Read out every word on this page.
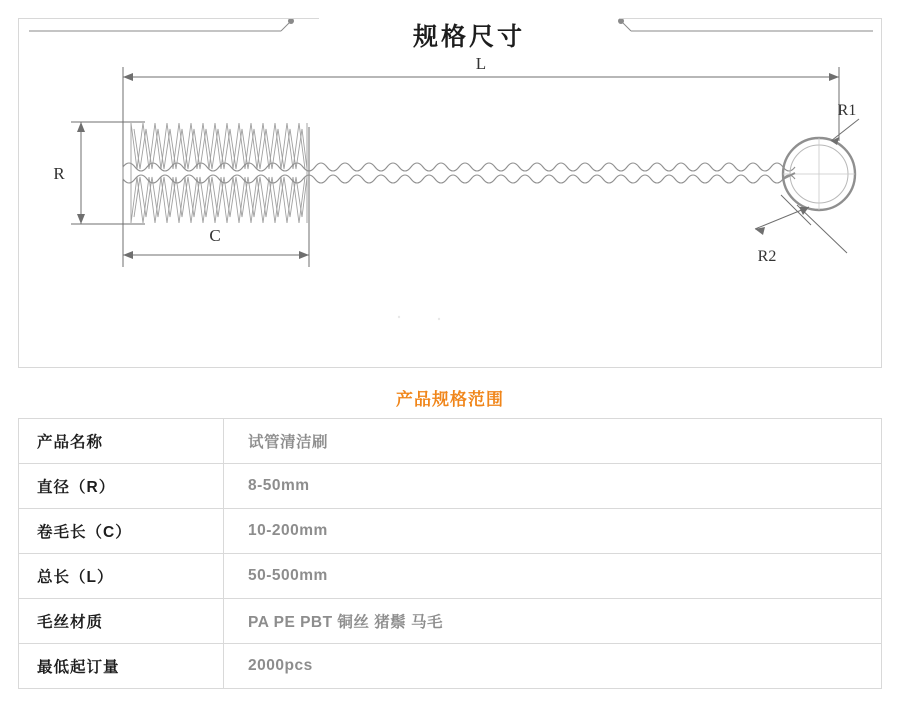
规格尺寸
L
R
C
R1
R2
产品规格范围
产品名称	试管清洁刷
直径（R）	8-50mm
卷毛长（C）	10-200mm
总长（L）	50-500mm
毛丝材质	PA PE PBT 铜丝 猪鬃 马毛
最低起订量	2000pcs
